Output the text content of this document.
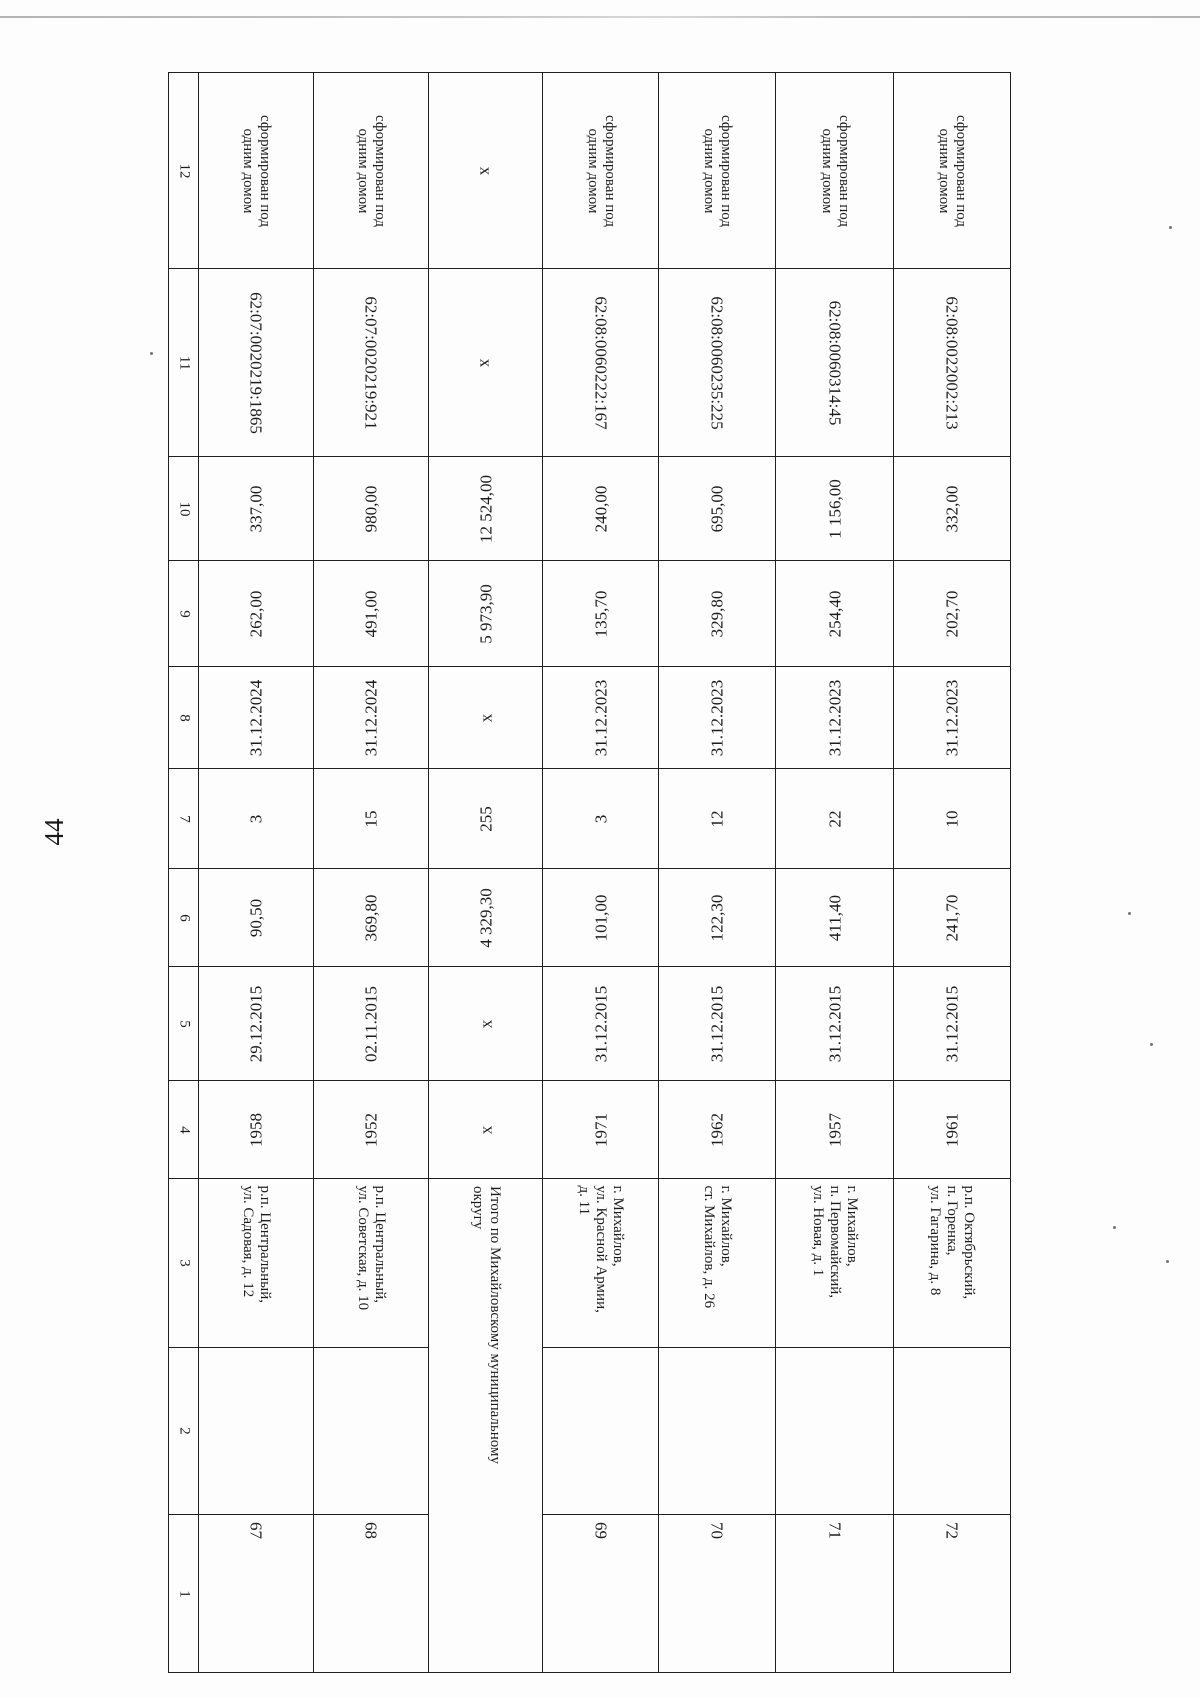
44
1
2
3
4
5
6
7
8
9
10
11
12
67
р.п. Центральный,
ул. Садовая, д. 12
1958
29.12.2015
90,50
3
31.12.2024
262,00
337,00
62:07:0020219:1865
сформирован под
одним домом
68
р.п. Центральный,
ул. Советская, д. 10
1952
02.11.2015
369,80
15
31.12.2024
491,00
980,00
62:07:0020219:921
сформирован под
одним домом
Итого по Михайловскому муниципальному
округу
x
x
4 329,30
255
x
5 973,90
12 524,00
x
x
69
г. Михайлов,
ул. Красной Армии,
д. 11
1971
31.12.2015
101,00
3
31.12.2023
135,70
240,00
62:08:0060222:167
сформирован под
одним домом
70
г. Михайлов,
ст. Михайлов, д. 26
1962
31.12.2015
122,30
12
31.12.2023
329,80
695,00
62:08:0060235:225
сформирован под
одним домом
71
г. Михайлов,
п. Первомайский,
ул. Новая, д. 1
1957
31.12.2015
411,40
22
31.12.2023
254,40
1 156,00
62:08:0060314:45
сформирован под
одним домом
72
р.п. Октябрьский,
п. Горенка,
ул. Гагарина, д. 8
1961
31.12.2015
241,70
10
31.12.2023
202,70
332,00
62:08:0022002:213
сформирован под
одним домом
